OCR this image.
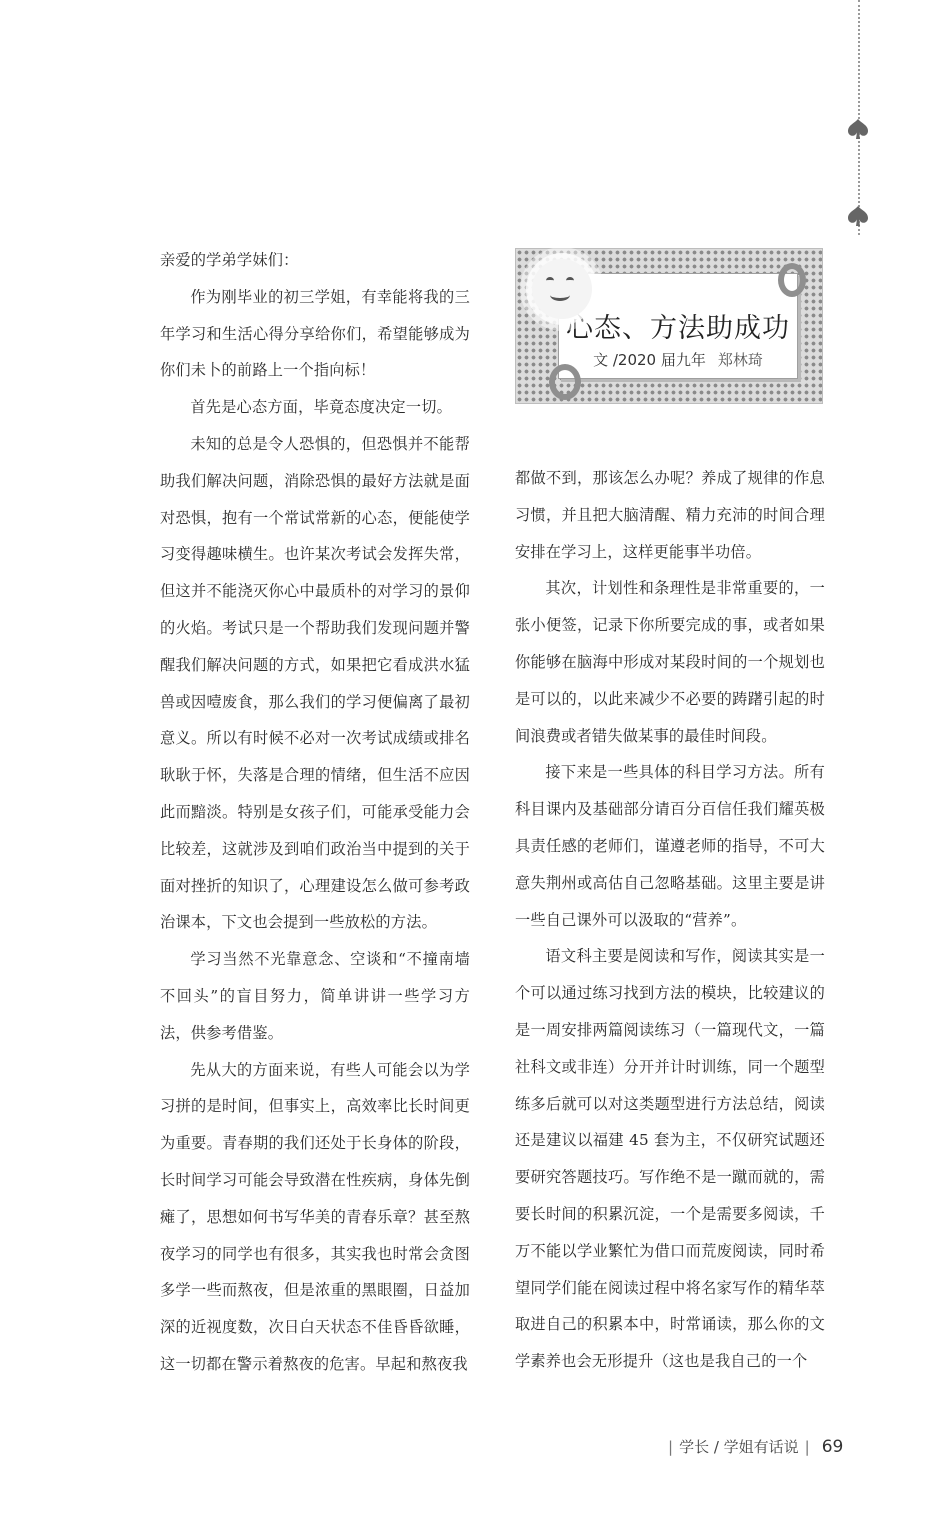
心态、方法助成功
文 /2020 届九年 郑林琦

亲爱的学弟学妹们：

作为刚毕业的初三学姐，有幸能将我的三年学习和生活心得分享给你们，希望能够成为你们未卜的前路上一个指向标！

首先是心态方面，毕竟态度决定一切。

未知的总是令人恐惧的，但恐惧并不能帮助我们解决问题，消除恐惧的最好方法就是面对恐惧，抱有一个常试常新的心态，便能使学习变得趣味横生。也许某次考试会发挥失常，但这并不能浇灭你心中最质朴的对学习的景仰的火焰。考试只是一个帮助我们发现问题并警醒我们解决问题的方式，如果把它看成洪水猛兽或因噎废食，那么我们的学习便偏离了最初意义。所以有时候不必对一次考试成绩或排名耿耿于怀，失落是合理的情绪，但生活不应因此而黯淡。特别是女孩子们，可能承受能力会比较差，这就涉及到咱们政治当中提到的关于面对挫折的知识了，心理建设怎么做可参考政治课本，下文也会提到一些放松的方法。

学习当然不光靠意念、空谈和“不撞南墙不回头”的盲目努力，简单讲讲一些学习方法，供参考借鉴。

先从大的方面来说，有些人可能会以为学习拼的是时间，但事实上，高效率比长时间更为重要。青春期的我们还处于长身体的阶段，长时间学习可能会导致潜在性疾病，身体先倒瘫了，思想如何书写华美的青春乐章？甚至熬夜学习的同学也有很多，其实我也时常会贪图多学一些而熬夜，但是浓重的黑眼圈，日益加深的近视度数，次日白天状态不佳昏昏欲睡，这一切都在警示着熬夜的危害。早起和熬夜我

都做不到，那该怎么办呢？养成了规律的作息习惯，并且把大脑清醒、精力充沛的时间合理安排在学习上，这样更能事半功倍。

其次，计划性和条理性是非常重要的，一张小便签，记录下你所要完成的事，或者如果你能够在脑海中形成对某段时间的一个规划也是可以的，以此来减少不必要的踌躇引起的时间浪费或者错失做某事的最佳时间段。

接下来是一些具体的科目学习方法。所有科目课内及基础部分请百分百信任我们耀英极具责任感的老师们，谨遵老师的指导，不可大意失荆州或高估自己忽略基础。这里主要是讲一些自己课外可以汲取的“营养”。

语文科主要是阅读和写作，阅读其实是一个可以通过练习找到方法的模块，比较建议的是一周安排两篇阅读练习（一篇现代文，一篇社科文或非连）分开并计时训练，同一个题型练多后就可以对这类题型进行方法总结，阅读还是建议以福建 45 套为主，不仅研究试题还要研究答题技巧。写作绝不是一蹴而就的，需要长时间的积累沉淀，一个是需要多阅读，千万不能以学业繁忙为借口而荒废阅读，同时希望同学们能在阅读过程中将名家写作的精华萃取进自己的积累本中，时常诵读，那么你的文学素养也会无形提升（这也是我自己的一个

| 学长 / 学姐有话说 | 69
